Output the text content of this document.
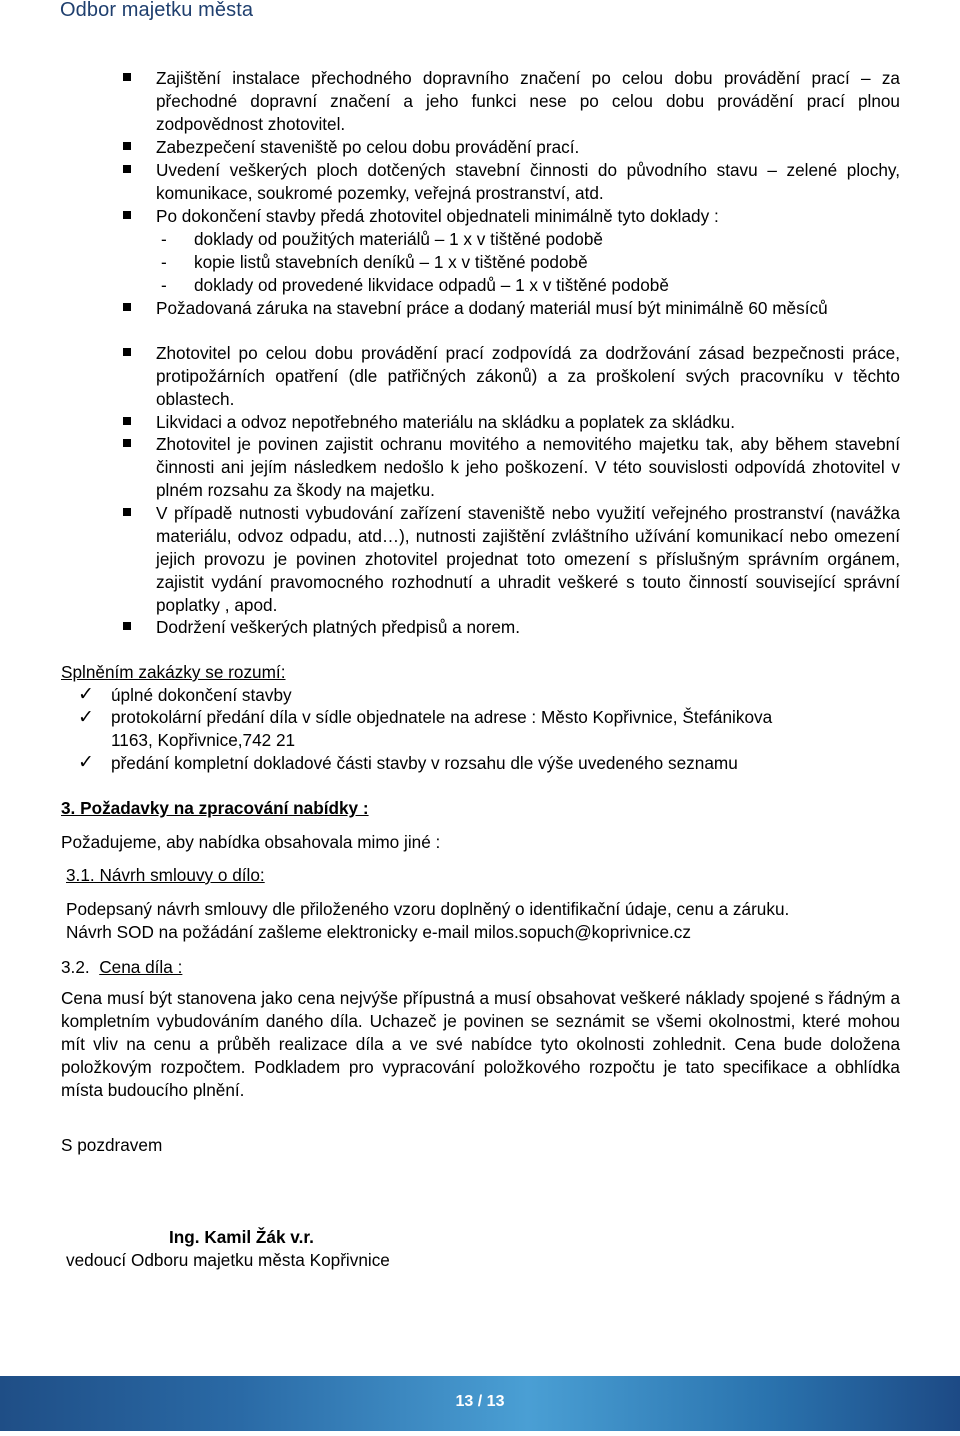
Odbor majetku města
Zajištění instalace přechodného dopravního značení po celou dobu provádění prací – za přechodné dopravní značení a jeho funkci nese po celou dobu provádění prací plnou zodpovědnost zhotovitel.
Zabezpečení staveniště po celou dobu provádění prací.
Uvedení veškerých ploch dotčených stavební činnosti do původního stavu – zelené plochy, komunikace, soukromé pozemky, veřejná prostranství, atd.
Po dokončení stavby předá zhotovitel objednateli minimálně tyto doklady :
- doklady od použitých materiálů – 1 x v tištěné podobě
- kopie listů stavebních deníků – 1 x v tištěné podobě
- doklady od provedené likvidace odpadů – 1 x v tištěné podobě
Požadovaná záruka na stavební práce a dodaný materiál musí být minimálně 60 měsíců
Zhotovitel po celou dobu provádění prací zodpovídá za dodržování zásad bezpečnosti práce, protipožárních opatření (dle patřičných zákonů) a za proškolení svých pracovníku v těchto oblastech.
Likvidaci a odvoz nepotřebného materiálu na skládku a poplatek za skládku.
Zhotovitel je povinen zajistit ochranu movitého a nemovitého majetku tak, aby během stavební činnosti ani jejím následkem nedošlo k jeho poškození. V této souvislosti odpovídá zhotovitel v plném rozsahu za škody na majetku.
V případě nutnosti vybudování zařízení staveniště nebo využití veřejného prostranství (navážka materiálu, odvoz odpadu, atd…), nutnosti zajištění zvláštního užívání komunikací nebo omezení jejich provozu je povinen zhotovitel projednat toto omezení s příslušným správním orgánem, zajistit vydání pravomocného rozhodnutí a uhradit veškeré s touto činností související správní poplatky , apod.
Dodržení veškerých platných předpisů a norem.
Splněním zakázky se rozumí:
✓ úplné dokončení stavby
✓ protokolární předání díla v sídle objednatele na adrese : Město Kopřivnice, Štefánikova
1163, Kopřivnice,742 21
✓ předání kompletní dokladové části stavby v rozsahu dle výše uvedeného seznamu
3. Požadavky na zpracování nabídky :
Požadujeme, aby nabídka obsahovala mimo jiné :
3.1. Návrh smlouvy o dílo:
Podepsaný návrh smlouvy dle přiloženého vzoru doplněný o identifikační údaje, cenu a záruku.
Návrh SOD na požádání zašleme elektronicky e-mail milos.sopuch@koprivnice.cz
3.2. Cena díla :
Cena musí být stanovena jako cena nejvýše přípustná a musí obsahovat veškeré náklady spojené s řádným a kompletním vybudováním daného díla. Uchazeč je povinen se seznámit se všemi okolnostmi, které mohou mít vliv na cenu a průběh realizace díla a ve své nabídce tyto okolnosti zohlednit. Cena bude doložena položkovým rozpočtem. Podkladem pro vypracování položkového rozpočtu je tato specifikace a obhlídka místa budoucího plnění.
S pozdravem
Ing. Kamil Žák v.r.
vedoucí Odboru majetku města Kopřivnice
13 / 13
